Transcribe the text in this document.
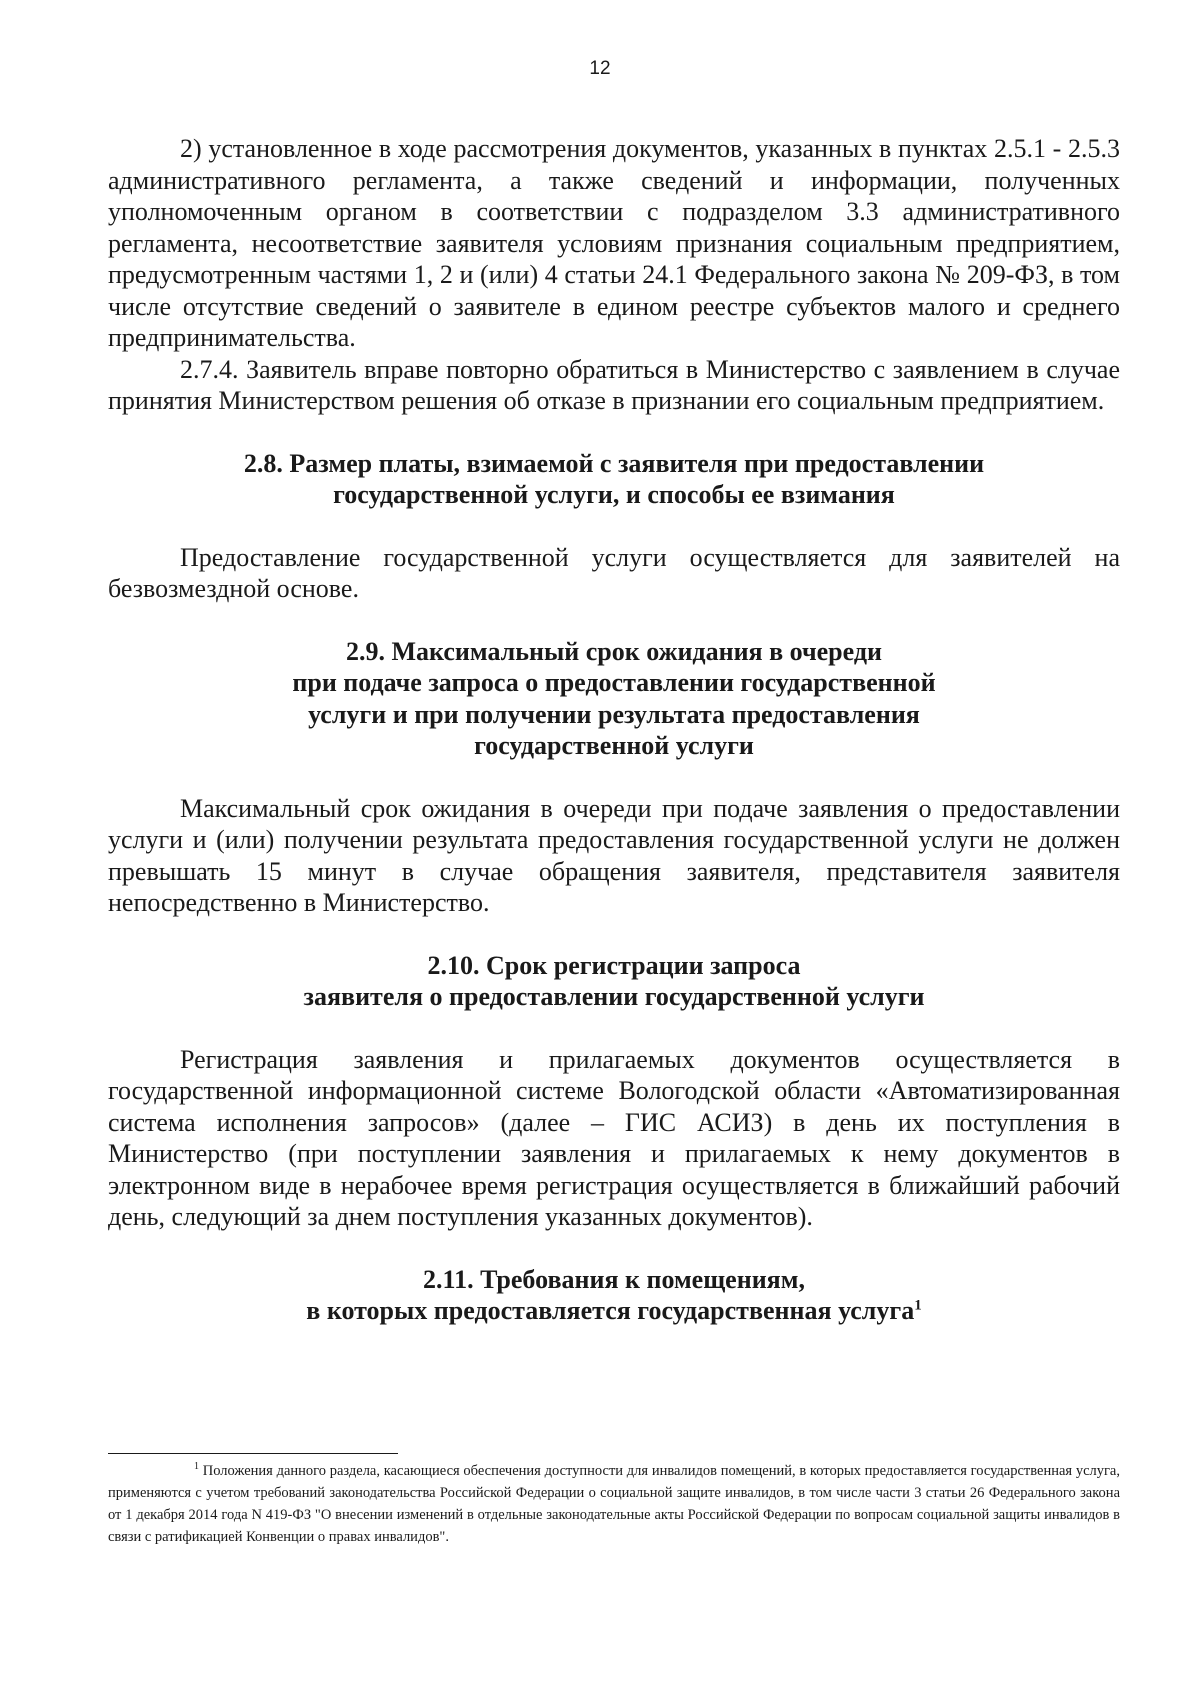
12

2) установленное в ходе рассмотрения документов, указанных в пунктах 2.5.1 - 2.5.3 административного регламента, а также сведений и информации, полученных уполномоченным органом в соответствии с подразделом 3.3 административного регламента, несоответствие заявителя условиям признания социальным предприятием, предусмотренным частями 1, 2 и (или) 4 статьи 24.1 Федерального закона № 209-ФЗ, в том числе отсутствие сведений о заявителе в едином реестре субъектов малого и среднего предпринимательства.

2.7.4. Заявитель вправе повторно обратиться в Министерство с заявлением в случае принятия Министерством решения об отказе в признании его социальным предприятием.

2.8. Размер платы, взимаемой с заявителя при предоставлении
государственной услуги, и способы ее взимания

Предоставление государственной услуги осуществляется для заявителей на безвозмездной основе.

2.9. Максимальный срок ожидания в очереди
при подаче запроса о предоставлении государственной
услуги и при получении результата предоставления
государственной услуги

Максимальный срок ожидания в очереди при подаче заявления о предоставлении услуги и (или) получении результата предоставления государственной услуги не должен превышать 15 минут в случае обращения заявителя, представителя заявителя непосредственно в Министерство.

2.10. Срок регистрации запроса
заявителя о предоставлении государственной услуги

Регистрация заявления и прилагаемых документов осуществляется в государственной информационной системе Вологодской области «Автоматизированная система исполнения запросов» (далее – ГИС АСИЗ) в день их поступления в Министерство (при поступлении заявления и прилагаемых к нему документов в электронном виде в нерабочее время регистрация осуществляется в ближайший рабочий день, следующий за днем поступления указанных документов).

2.11. Требования к помещениям,
в которых предоставляется государственная услуга$^1$
$^1$ Положения данного раздела, касающиеся обеспечения доступности для инвалидов помещений, в которых предоставляется государственная услуга, применяются с учетом требований законодательства Российской Федерации о социальной защите инвалидов, в том числе части 3 статьи 26 Федерального закона от 1 декабря 2014 года N 419-ФЗ "О внесении изменений в отдельные законодательные акты Российской Федерации по вопросам социальной защиты инвалидов в связи с ратификацией Конвенции о правах инвалидов".
